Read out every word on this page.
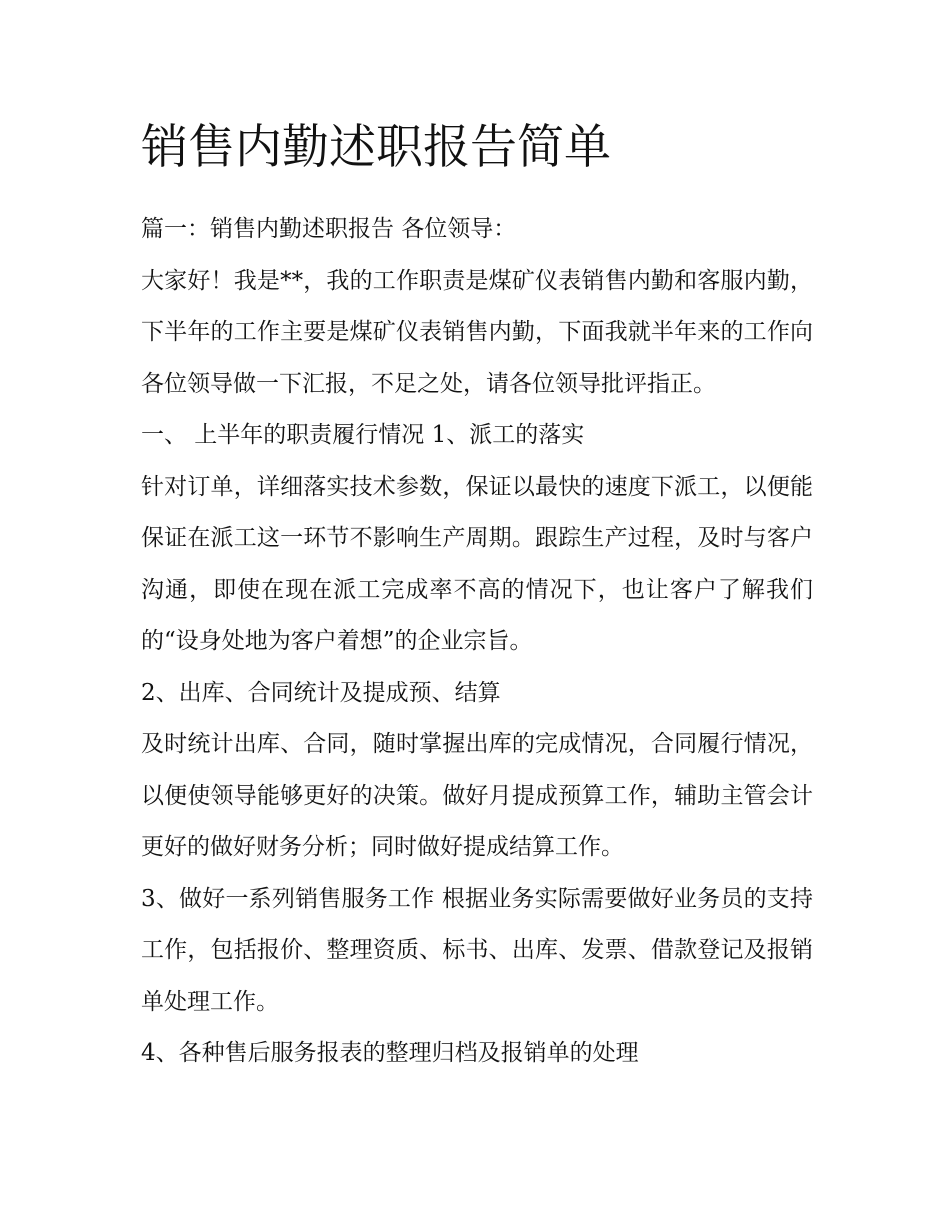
销售内勤述职报告简单

篇一：销售内勤述职报告 各位领导：

大家好！我是**，我的工作职责是煤矿仪表销售内勤和客服内勤，下半年的工作主要是煤矿仪表销售内勤，下面我就半年来的工作向各位领导做一下汇报，不足之处，请各位领导批评指正。

一、 上半年的职责履行情况 1、派工的落实

针对订单，详细落实技术参数，保证以最快的速度下派工，以便能保证在派工这一环节不影响生产周期。跟踪生产过程，及时与客户沟通，即使在现在派工完成率不高的情况下，也让客户了解我们的“设身处地为客户着想”的企业宗旨。

2、出库、合同统计及提成预、结算

及时统计出库、合同，随时掌握出库的完成情况，合同履行情况，以便使领导能够更好的决策。做好月提成预算工作，辅助主管会计更好的做好财务分析；同时做好提成结算工作。

3、做好一系列销售服务工作 根据业务实际需要做好业务员的支持工作，包括报价、整理资质、标书、出库、发票、借款登记及报销单处理工作。

4、各种售后服务报表的整理归档及报销单的处理
